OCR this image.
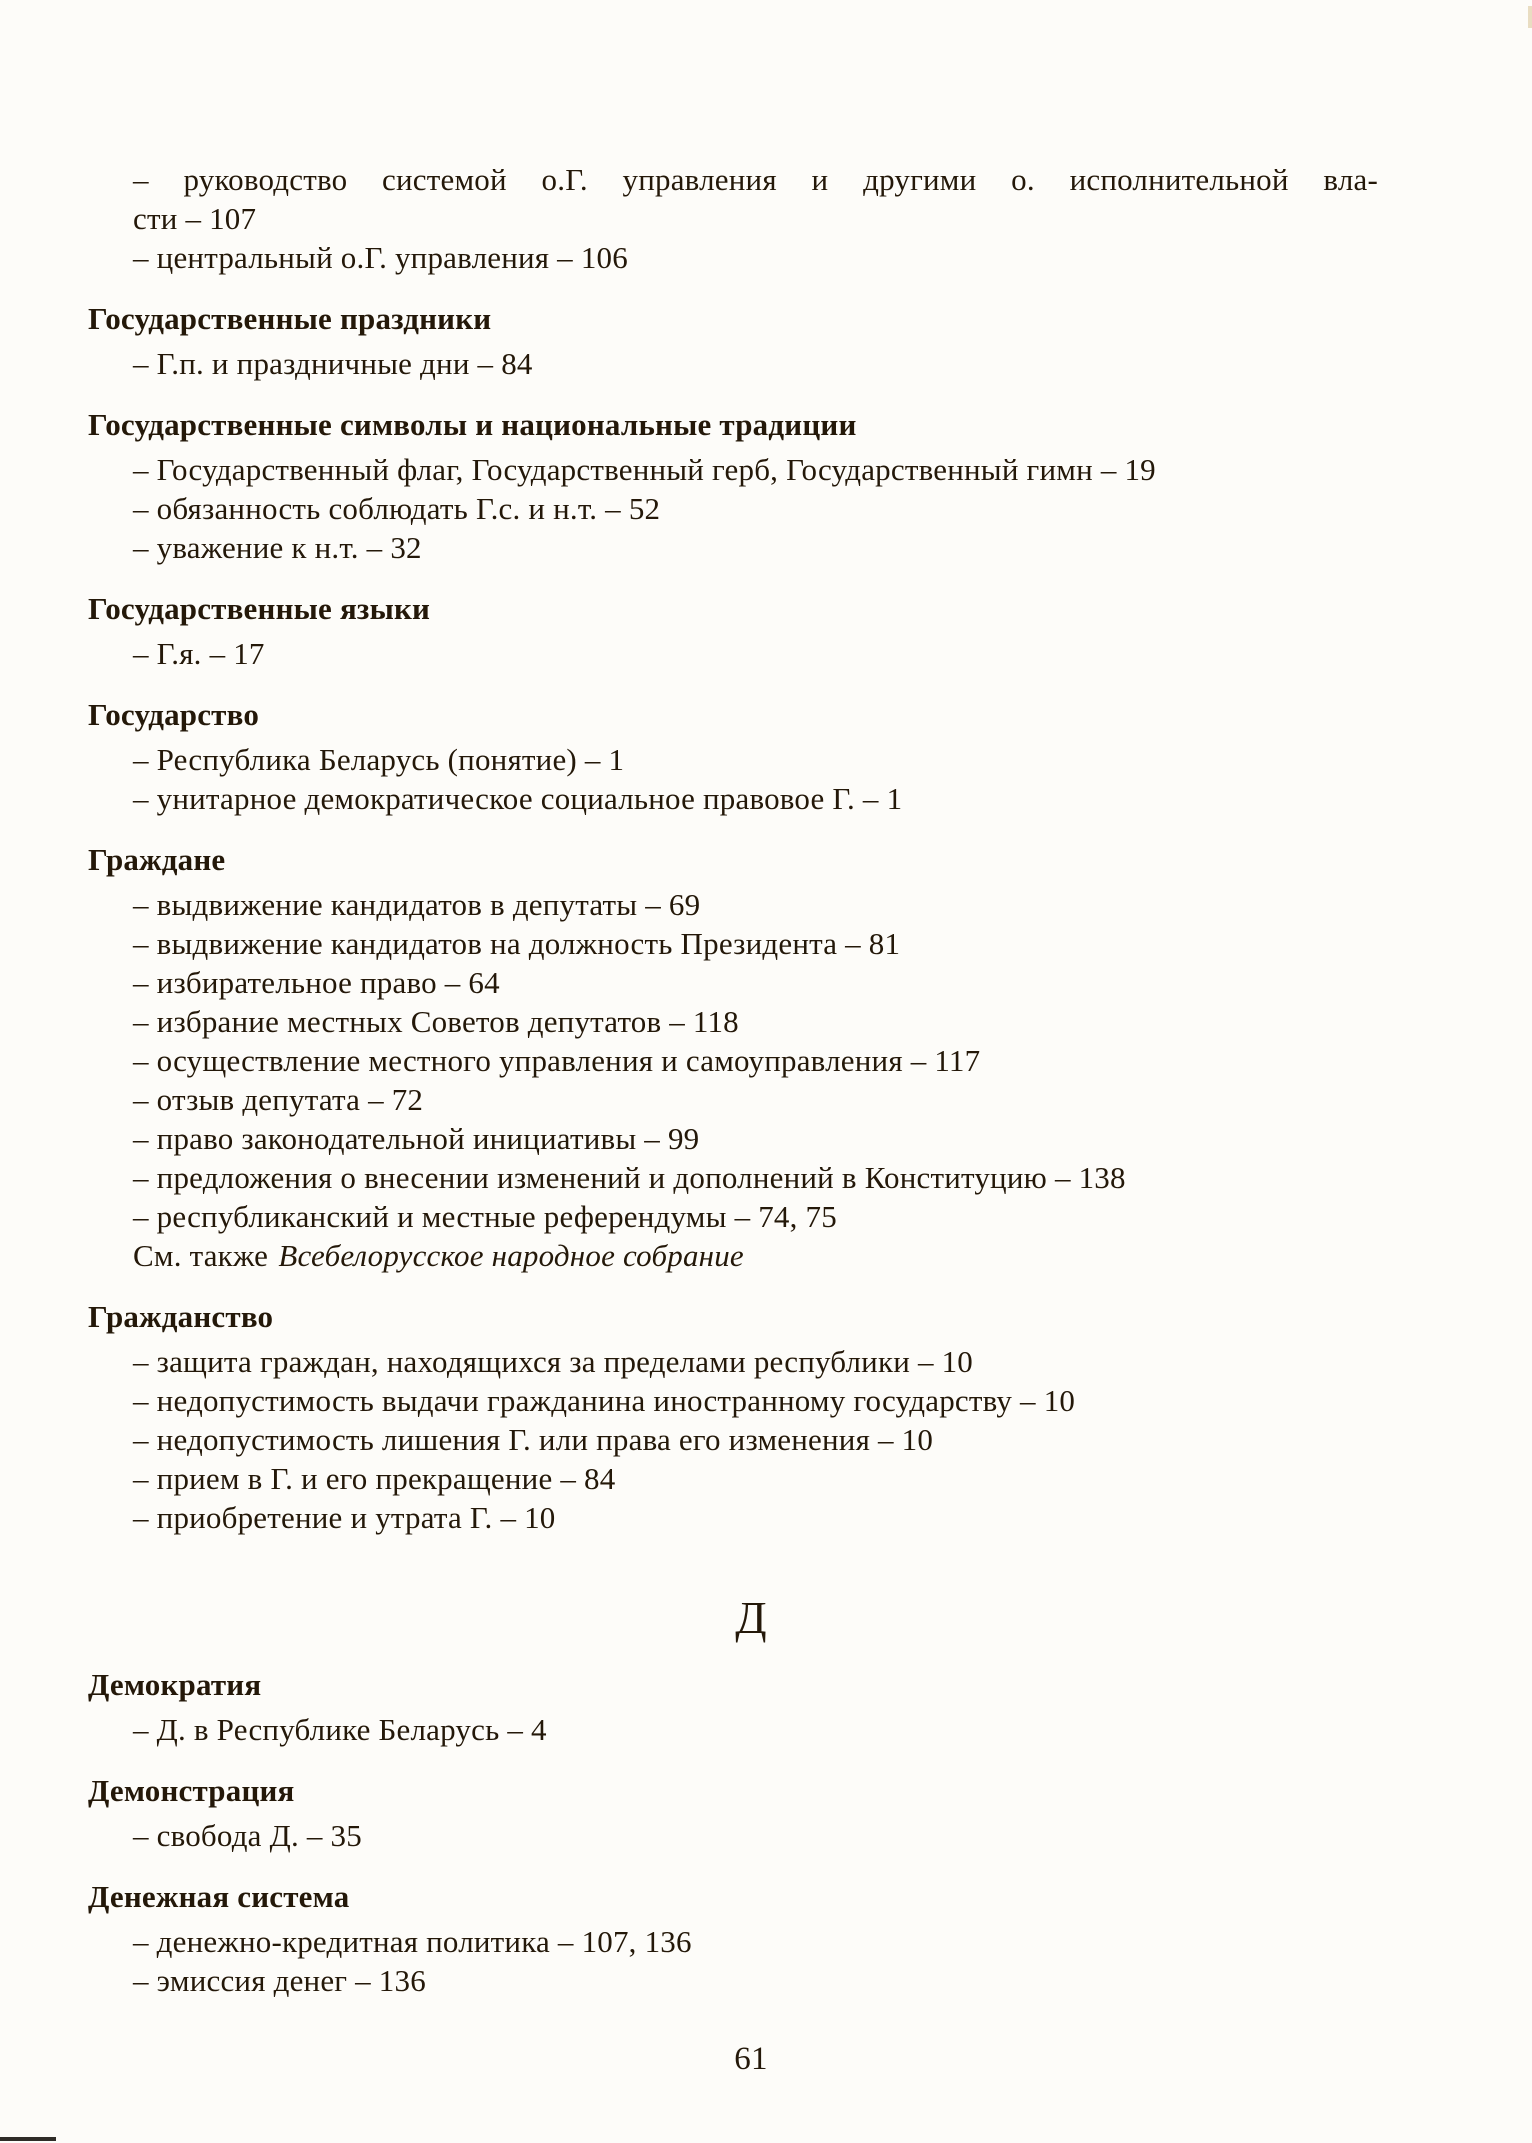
– руководство системой о.Г. управления и другими о. исполнительной вла-
сти – 107
– центральный о.Г. управления – 106
Государственные праздники
– Г.п. и праздничные дни – 84
Государственные символы и национальные традиции
– Государственный флаг, Государственный герб, Государственный гимн – 19
– обязанность соблюдать Г.с. и н.т. – 52
– уважение к н.т. – 32
Государственные языки
– Г.я. – 17
Государство
– Республика Беларусь (понятие) – 1
– унитарное демократическое социальное правовое Г. – 1
Граждане
– выдвижение кандидатов в депутаты – 69
– выдвижение кандидатов на должность Президента – 81
– избирательное право – 64
– избрание местных Советов депутатов – 118
– осуществление местного управления и самоуправления – 117
– отзыв депутата – 72
– право законодательной инициативы – 99
– предложения о внесении изменений и дополнений в Конституцию – 138
– республиканский и местные референдумы – 74, 75
См. также Всебелорусское народное собрание
Гражданство
– защита граждан, находящихся за пределами республики – 10
– недопустимость выдачи гражданина иностранному государству – 10
– недопустимость лишения Г. или права его изменения – 10
– прием в Г. и его прекращение – 84
– приобретение и утрата Г. – 10
Д
Демократия
– Д. в Республике Беларусь – 4
Демонстрация
– свобода Д. – 35
Денежная система
– денежно-кредитная политика – 107, 136
– эмиссия денег – 136
61
